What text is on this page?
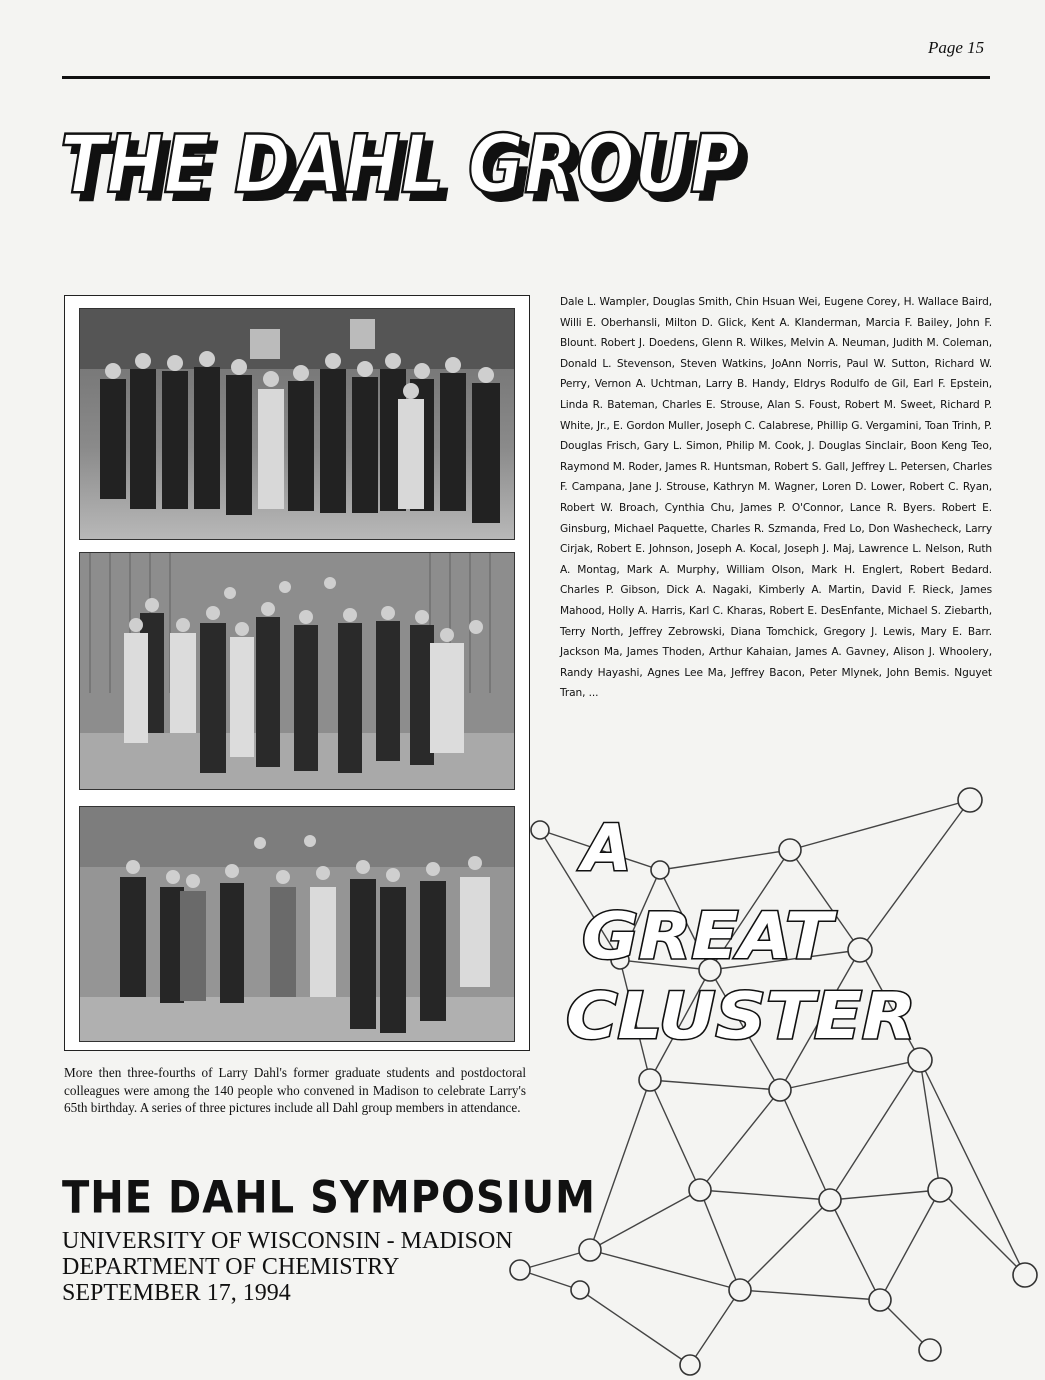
Page 15
THE DAHL GROUP
THE DAHL GROUP
More then three-fourths of Larry Dahl's former graduate students and postdoctoral colleagues were among the 140 people who convened in Madison to celebrate Larry's 65th birthday. A series of three pictures include all Dahl group members in attendance.
Dale L. Wampler, Douglas Smith, Chin Hsuan Wei, Eugene Corey, H. Wallace Baird, Willi E. Oberhansli, Milton D. Glick, Kent A. Klanderman, Marcia F. Bailey, John F. Blount. Robert J. Doedens, Glenn R. Wilkes, Melvin A. Neuman, Judith M. Coleman, Donald L. Stevenson, Steven Watkins, JoAnn Norris, Paul W. Sutton, Richard W. Perry, Vernon A. Uchtman, Larry B. Handy, Eldrys Rodulfo de Gil, Earl F. Epstein, Linda R. Bateman, Charles E. Strouse, Alan S. Foust, Robert M. Sweet, Richard P. White, Jr., E. Gordon Muller, Joseph C. Calabrese, Phillip G. Vergamini, Toan Trinh, P. Douglas Frisch, Gary L. Simon, Philip M. Cook, J. Douglas Sinclair, Boon Keng Teo, Raymond M. Roder, James R. Huntsman, Robert S. Gall, Jeffrey L. Petersen, Charles F. Campana, Jane J. Strouse, Kathryn M. Wagner, Loren D. Lower, Robert C. Ryan, Robert W. Broach, Cynthia Chu, James P. O'Connor, Lance R. Byers. Robert E. Ginsburg, Michael Paquette, Charles R. Szmanda, Fred Lo, Don Washecheck, Larry Cirjak, Robert E. Johnson, Joseph A. Kocal, Joseph J. Maj, Lawrence L. Nelson, Ruth A. Montag, Mark A. Murphy, William Olson, Mark H. Englert, Robert Bedard. Charles P. Gibson, Dick A. Nagaki, Kimberly A. Martin, David F. Rieck, James Mahood, Holly A. Harris, Karl C. Kharas, Robert E. DesEnfante, Michael S. Ziebarth, Terry North, Jeffrey Zebrowski, Diana Tomchick, Gregory J. Lewis, Mary E. Barr. Jackson Ma, James Thoden, Arthur Kahaian, James A. Gavney, Alison J. Whoolery, Randy Hayashi, Agnes Lee Ma, Jeffrey Bacon, Peter Mlynek, John Bemis. Nguyet Tran, ...
A
GREAT
CLUSTER
THE DAHL SYMPOSIUM
UNIVERSITY OF WISCONSIN - MADISON
DEPARTMENT OF CHEMISTRY
SEPTEMBER 17, 1994
